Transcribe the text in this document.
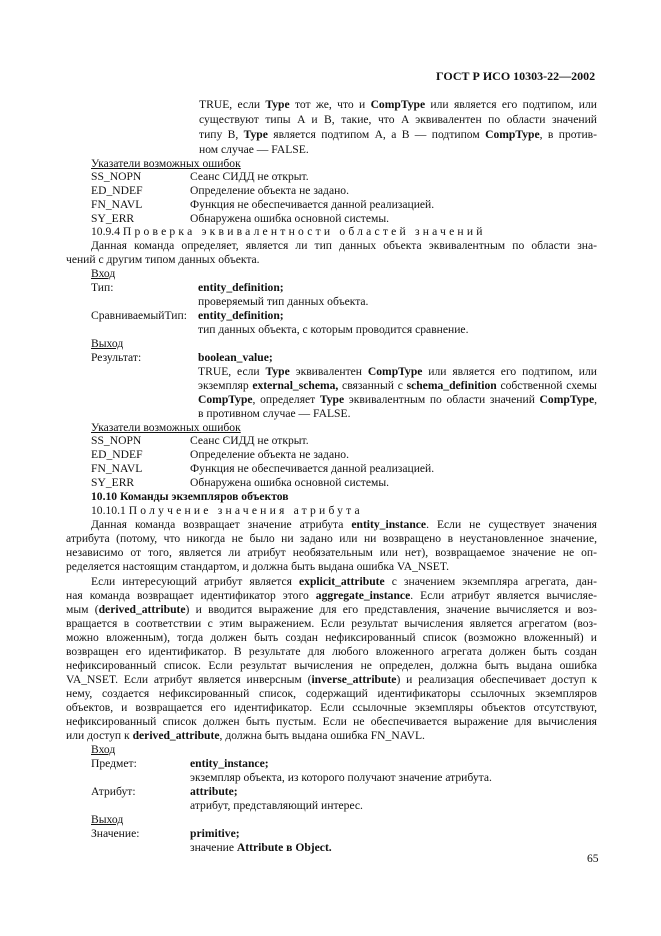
ГОСТ Р ИСО 10303-22—2002
TRUE, если Type тот же, что и CompType или является его подтипом, или
существуют типы A и B, такие, что A эквивалентен по области значений
типу B, Type является подтипом A, а B — подтипом CompType, в против-
ном случае — FALSE.
Указатели возможных ошибок
SS_NOPN	Сеанс СИДД не открыт.
ED_NDEF	Определение объекта не задано.
FN_NAVL	Функция не обеспечивается данной реализацией.
SY_ERR	Обнаружена ошибка основной системы.
10.9.4 Проверка эквивалентности областей значений
Данная команда определяет, является ли тип данных объекта эквивалентным по области зна-
чений с другим типом данных объекта.
Вход
Тип:	entity_definition;
проверяемый тип данных объекта.
СравниваемыйТип: entity_definition;
тип данных объекта, с которым проводится сравнение.
Выход
Результат:	boolean_value;
TRUE, если Type эквивалентен CompType или является его подтипом, или
экземпляр external_schema, связанный с schema_definition собственной схемы
CompType, определяет Type эквивалентным по области значений CompType,
в противном случае — FALSE.
Указатели возможных ошибок
SS_NOPN	Сеанс СИДД не открыт.
ED_NDEF	Определение объекта не задано.
FN_NAVL	Функция не обеспечивается данной реализацией.
SY_ERR	Обнаружена ошибка основной системы.
10.10 Команды экземпляров объектов
10.10.1 Получение значения атрибута
Данная команда возвращает значение атрибута entity_instance. Если не существует значения
атрибута (потому, что никогда не было ни задано или ни возвращено в неустановленное значение,
независимо от того, является ли атрибут необязательным или нет), возвращаемое значение не оп-
ределяется настоящим стандартом, и должна быть выдана ошибка VA_NSET.
Если интересующий атрибут является explicit_attribute с значением экземпляра агрегата, дан-
ная команда возвращает идентификатор этого aggregate_instance. Если атрибут является вычисляе-
мым (derived_attribute) и вводится выражение для его представления, значение вычисляется и воз-
вращается в соответствии с этим выражением. Если результат вычисления является агрегатом (воз-
можно вложенным), тогда должен быть создан нефиксированный список (возможно вложенный) и
возвращен его идентификатор. В результате для любого вложенного агрегата должен быть создан
нефиксированный список. Если результат вычисления не определен, должна быть выдана ошибка
VA_NSET. Если атрибут является инверсным (inverse_attribute) и реализация обеспечивает доступ к
нему, создается нефиксированный список, содержащий идентификаторы ссылочных экземпляров
объектов, и возвращается его идентификатор. Если ссылочные экземпляры объектов отсутствуют,
нефиксированный список должен быть пустым. Если не обеспечивается выражение для вычисления
или доступ к derived_attribute, должна быть выдана ошибка FN_NAVL.
Вход
Предмет:	entity_instance;
экземпляр объекта, из которого получают значение атрибута.
Атрибут:	attribute;
атрибут, представляющий интерес.
Выход
Значение:	primitive;
значение Attribute в Object.
65
